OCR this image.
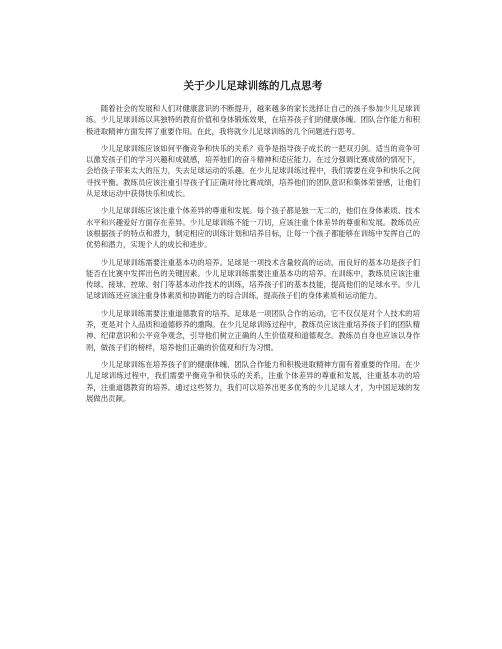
关于少儿足球训练的几点思考

随着社会的发展和人们对健康意识的不断提升，越来越多的家长选择让自己的孩子参加少儿足球训练。少儿足球训练以其独特的教育价值和身体锻炼效果，在培养孩子们的健康体魄、团队合作能力和积极进取精神方面发挥了重要作用。在此，我将就少儿足球训练的几个问题进行思考。

少儿足球训练应该如何平衡竞争和快乐的关系？竞争是指导孩子成长的一把双刃剑。适当的竞争可以激发孩子们的学习兴趣和成就感，培养他们的奋斗精神和适应能力。在过分强调比赛成绩的情况下，会给孩子带来太大的压力，失去足球运动的乐趣。在少儿足球训练过程中，我们需要在竞争和快乐之间寻找平衡。教练员应该注重引导孩子们正确对待比赛成绩，培养他们的团队意识和集体荣誉感，让他们从足球运动中获得快乐和成长。

少儿足球训练应该注重个体差异的尊重和发展。每个孩子都是独一无二的，他们在身体素质、技术水平和兴趣爱好方面存在差异。少儿足球训练不能一刀切，应该注重个体差异的尊重和发展。教练员应该根据孩子的特点和潜力，制定相应的训练计划和培养目标，让每一个孩子都能够在训练中发挥自己的优势和潜力，实现个人的成长和进步。

少儿足球训练需要注重基本功的培养。足球是一项技术含量较高的运动，而良好的基本功是孩子们能否在比赛中发挥出色的关键因素。少儿足球训练需要注重基本功的培养。在训练中，教练员应该注重传球、接球、控球、射门等基本动作技术的训练，培养孩子们的基本技能，提高他们的足球水平。少儿足球训练还应该注重身体素质和协调能力的综合训练，提高孩子们的身体素质和运动能力。

少儿足球训练需要注重道德教育的培养。足球是一项团队合作的运动，它不仅仅是对个人技术的培养，更是对个人品质和道德修养的熏陶。在少儿足球训练过程中，教练员应该注重培养孩子们的团队精神、纪律意识和公平竞争观念，引导他们树立正确的人生价值观和道德观念。教练员自身也应该以身作则，做孩子们的榜样，培养他们正确的价值观和行为习惯。

少儿足球训练在培养孩子们的健康体魄、团队合作能力和积极进取精神方面有着重要的作用。在少儿足球训练过程中，我们需要平衡竞争和快乐的关系，注重个体差异的尊重和发展，注重基本功的培养，注重道德教育的培养。通过这些努力，我们可以培养出更多优秀的少儿足球人才，为中国足球的发展做出贡献。
